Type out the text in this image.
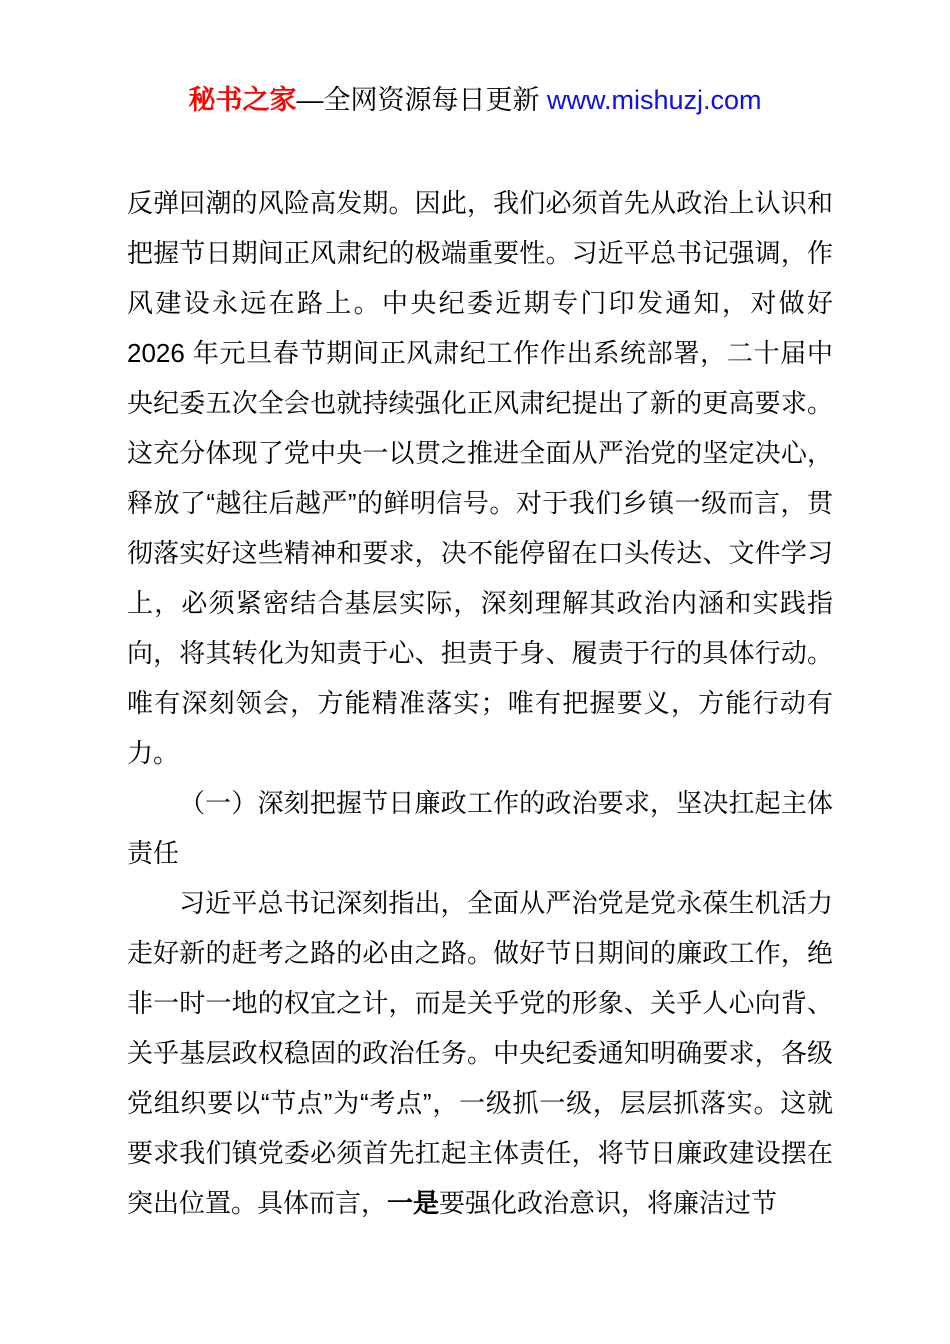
秘书之家—全网资源每日更新 www.mishuzj.com

反弹回潮的风险高发期。因此，我们必须首先从政治上认识和把握节日期间正风肃纪的极端重要性。习近平总书记强调，作风建设永远在路上。中央纪委近期专门印发通知，对做好 2026 年元旦春节期间正风肃纪工作作出系统部署，二十届中央纪委五次全会也就持续强化正风肃纪提出了新的更高要求。这充分体现了党中央一以贯之推进全面从严治党的坚定决心，释放了“越往后越严”的鲜明信号。对于我们乡镇一级而言，贯彻落实好这些精神和要求，决不能停留在口头传达、文件学习上，必须紧密结合基层实际，深刻理解其政治内涵和实践指向，将其转化为知责于心、担责于身、履责于行的具体行动。唯有深刻领会，方能精准落实；唯有把握要义，方能行动有力。

（一）深刻把握节日廉政工作的政治要求，坚决扛起主体责任

习近平总书记深刻指出，全面从严治党是党永葆生机活力走好新的赶考之路的必由之路。做好节日期间的廉政工作，绝非一时一地的权宜之计，而是关乎党的形象、关乎人心向背、关乎基层政权稳固的政治任务。中央纪委通知明确要求，各级党组织要以“节点”为“考点”，一级抓一级，层层抓落实。这就要求我们镇党委必须首先扛起主体责任，将节日廉政建设摆在突出位置。具体而言，一是要强化政治意识，将廉洁过节
